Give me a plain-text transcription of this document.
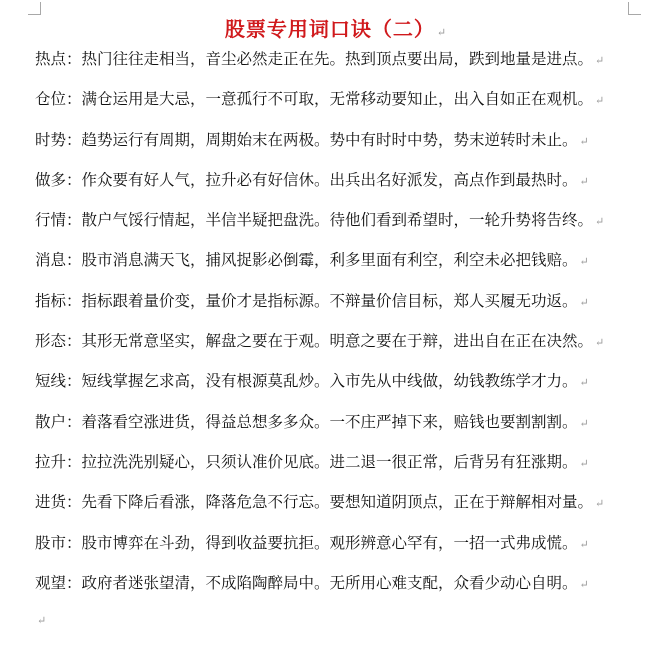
股票专用词口诀（二） ↵
热点：热门往往走相当，音尘必然走正在先。热到顶点要出局，跌到地量是进点。 ↵
仓位：满仓运用是大忌，一意孤行不可取，无常移动要知止，出入自如正在观机。 ↵
时势：趋势运行有周期，周期始末在两极。势中有时时中势，势末逆转时未止。 ↵
做多：作众要有好人气，拉升必有好信休。出兵出名好派发，高点作到最热时。 ↵
行情：散户气馁行情起，半信半疑把盘洗。待他们看到希望时，一轮升势将告终。 ↵
消息：股市消息满天飞，捕风捉影必倒霉，利多里面有利空，利空未必把钱赔。 ↵
指标：指标跟着量价变，量价才是指标源。不辩量价信目标，郑人买履无功返。 ↵
形态：其形无常意坚实，解盘之要在于观。明意之要在于辩，进出自在正在决然。 ↵
短线：短线掌握乞求高，没有根源莫乱炒。入市先从中线做，幼钱教练学才力。 ↵
散户：着落看空涨进货，得益总想多多众。一不庄严掉下来，赔钱也要割割割。 ↵
拉升：拉拉洗洗别疑心，只须认准价见底。进二退一很正常，后背另有狂涨期。 ↵
进货：先看下降后看涨，降落危急不行忘。要想知道阴顶点，正在于辩解相对量。 ↵
股市：股市博弈在斗劲，得到收益要抗拒。观形辨意心罕有，一招一式弗成慌。 ↵
观望：政府者迷张望清，不成陷陶醉局中。无所用心难支配，众看少动心自明。 ↵
↵
